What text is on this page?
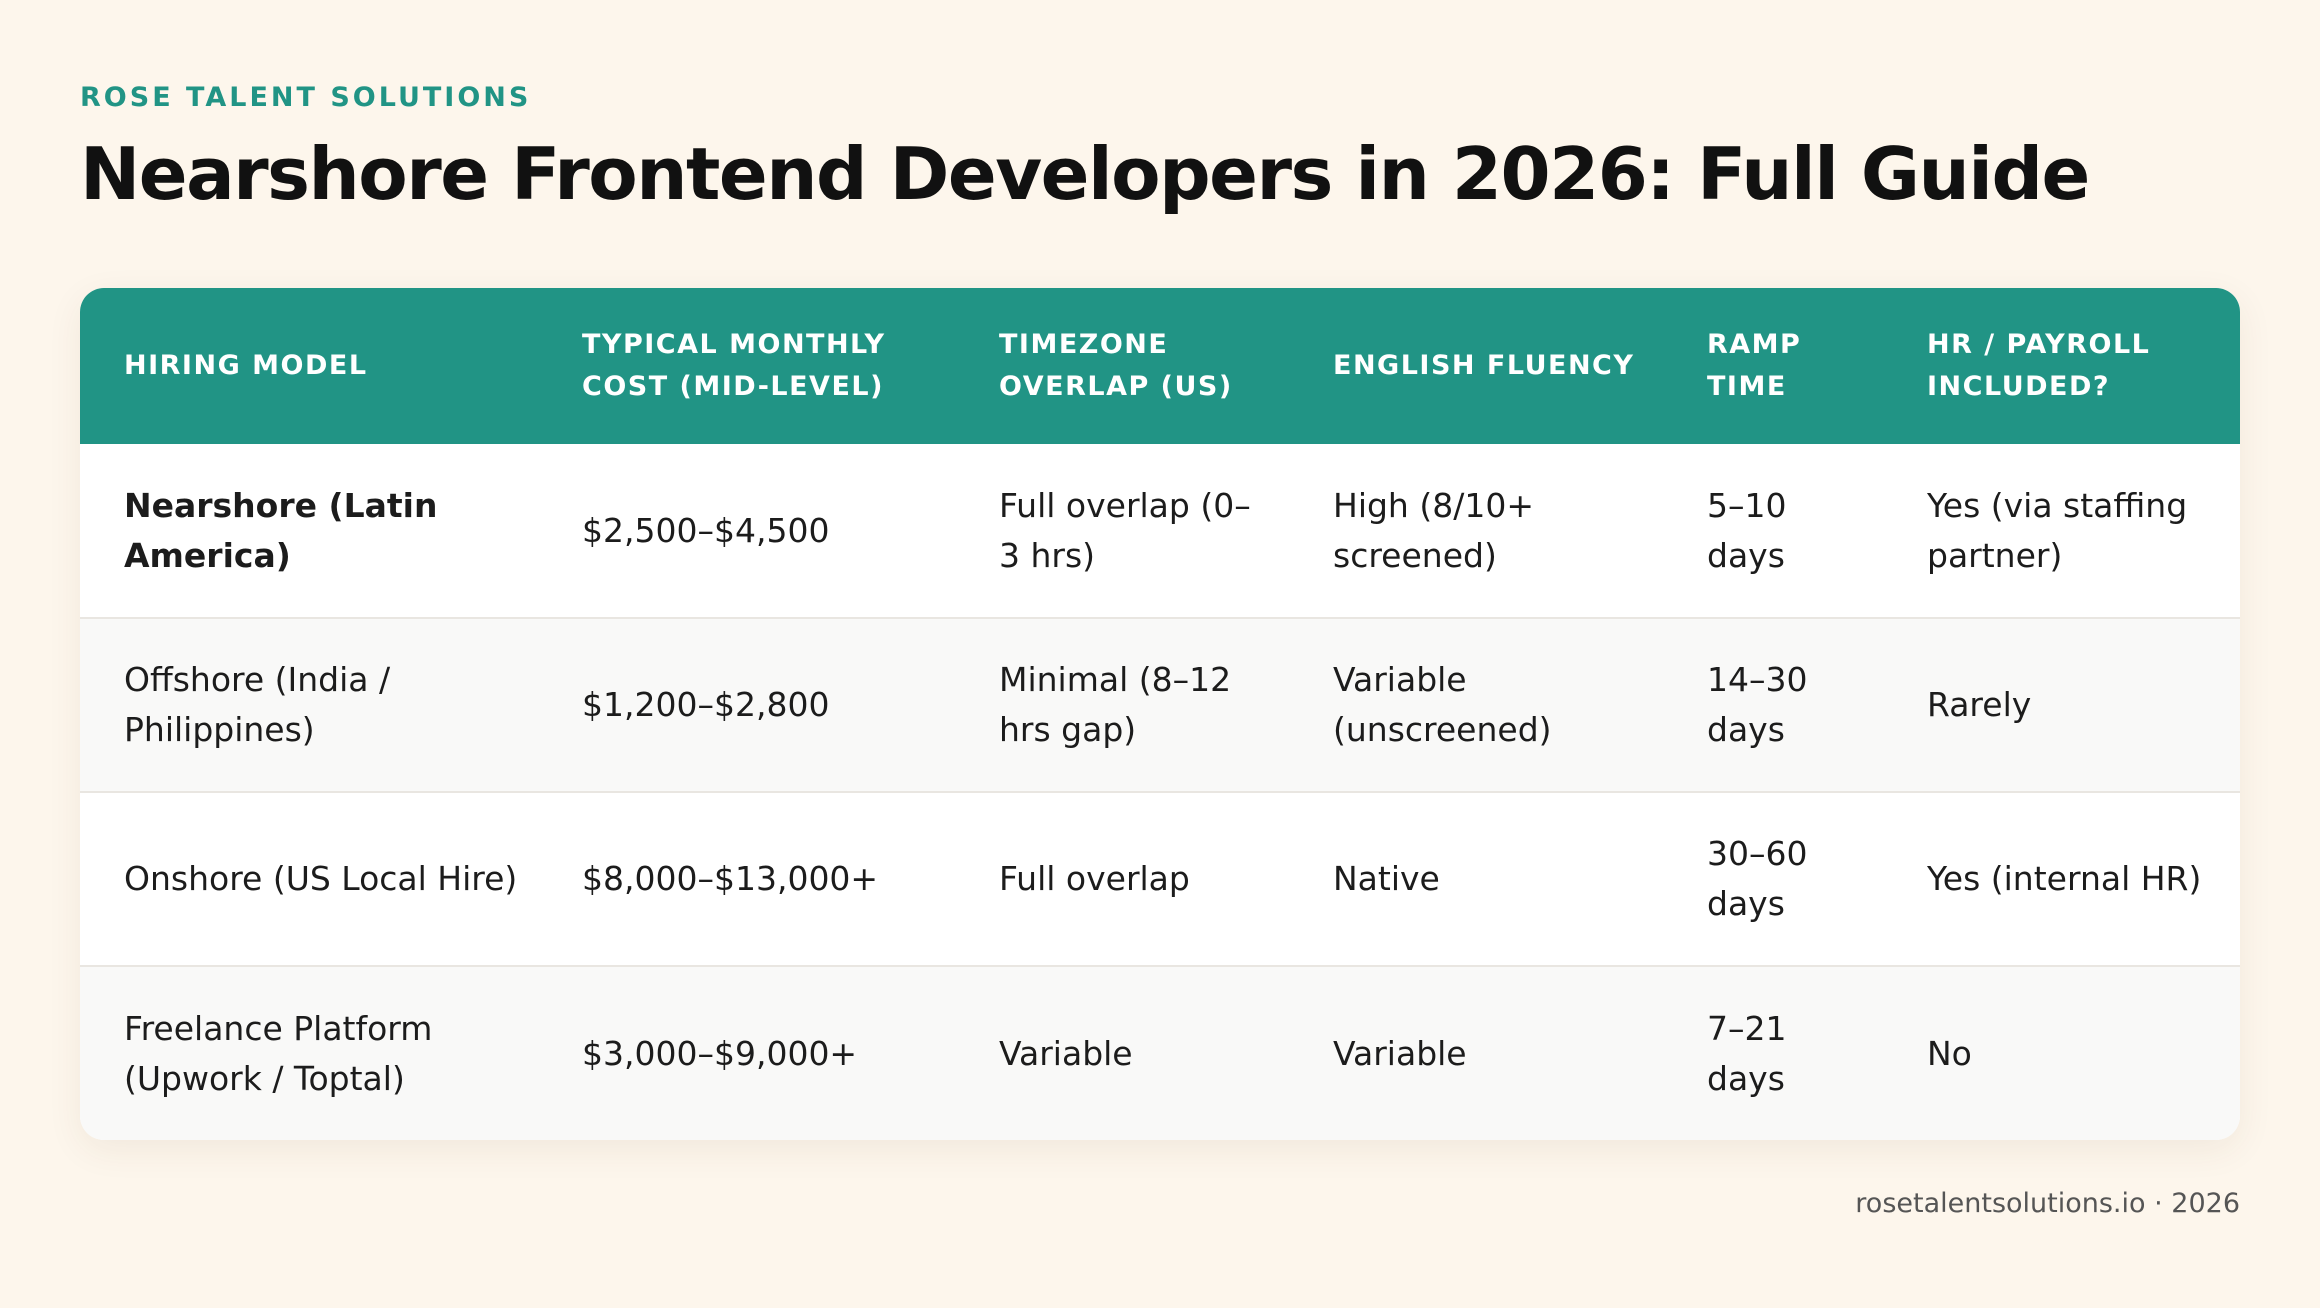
ROSE TALENT SOLUTIONS
Nearshore Frontend Developers in 2026: Full Guide
HIRING MODEL	TYPICAL MONTHLY COST (MID-LEVEL)	TIMEZONE OVERLAP (US)	ENGLISH FLUENCY	RAMP TIME	HR / PAYROLL INCLUDED?
Nearshore (Latin America)	$2,500–$4,500	Full overlap (0–3 hrs)	High (8/10+ screened)	5–10 days	Yes (via staffing partner)
Offshore (India / Philippines)	$1,200–$2,800	Minimal (8–12 hrs gap)	Variable (unscreened)	14–30 days	Rarely
Onshore (US Local Hire)	$8,000–$13,000+	Full overlap	Native	30–60 days	Yes (internal HR)
Freelance Platform (Upwork / Toptal)	$3,000–$9,000+	Variable	Variable	7–21 days	No
rosetalentsolutions.io · 2026
